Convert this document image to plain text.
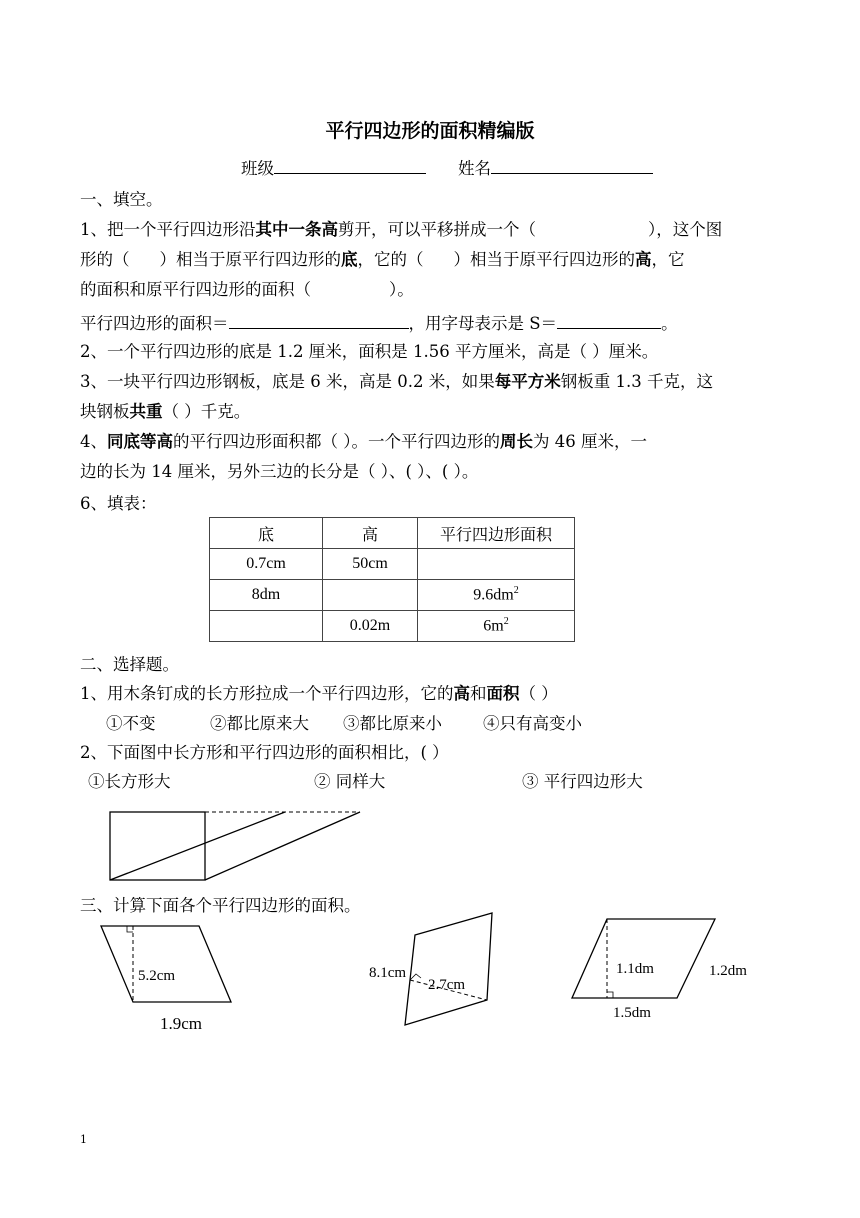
平行四边形的面积精编版
班级	姓名
一、填空。
1、把一个平行四边形沿其中一条高剪开，可以平移拼成一个（	），这个图
形的（ ）相当于原平行四边形的底，它的（ ）相当于原平行四边形的高，它
的面积和原平行四边形的面积（	）。
平行四边形的面积＝	，用字母表示是 S＝	。
2、一个平行四边形的底是 1.2 厘米，面积是 1.56 平方厘米，高是（ ）厘米。
3、一块平行四边形钢板，底是 6 米，高是 0.2 米，如果每平方米钢板重 1.3 千克，这
块钢板共重（ ）千克。
4、同底等高的平行四边形面积都（ ）。一个平行四边形的周长为 46 厘米，一
边的长为 14 厘米，另外三边的长分是（ ）、( ）、( ）。
6、填表：
底	高	平行四边形面积
0.7cm	50cm	
8dm		$9.6dm^2$
	0.02m	$6m^2$
二、选择题。
1、用木条钉成的长方形拉成一个平行四边形，它的高和面积（ ）
①不变	②都比原来大 ③都比原来小 ④只有高变小
2、下面图中长方形和平行四边形的面积相比，( ）
①长方形大	② 同样大	③ 平行四边形大
三、计算下面各个平行四边形的面积。
5.2cm
1.9cm
8.1cm
2.7cm
1.1dm	1.2dm
1.5dm
1
